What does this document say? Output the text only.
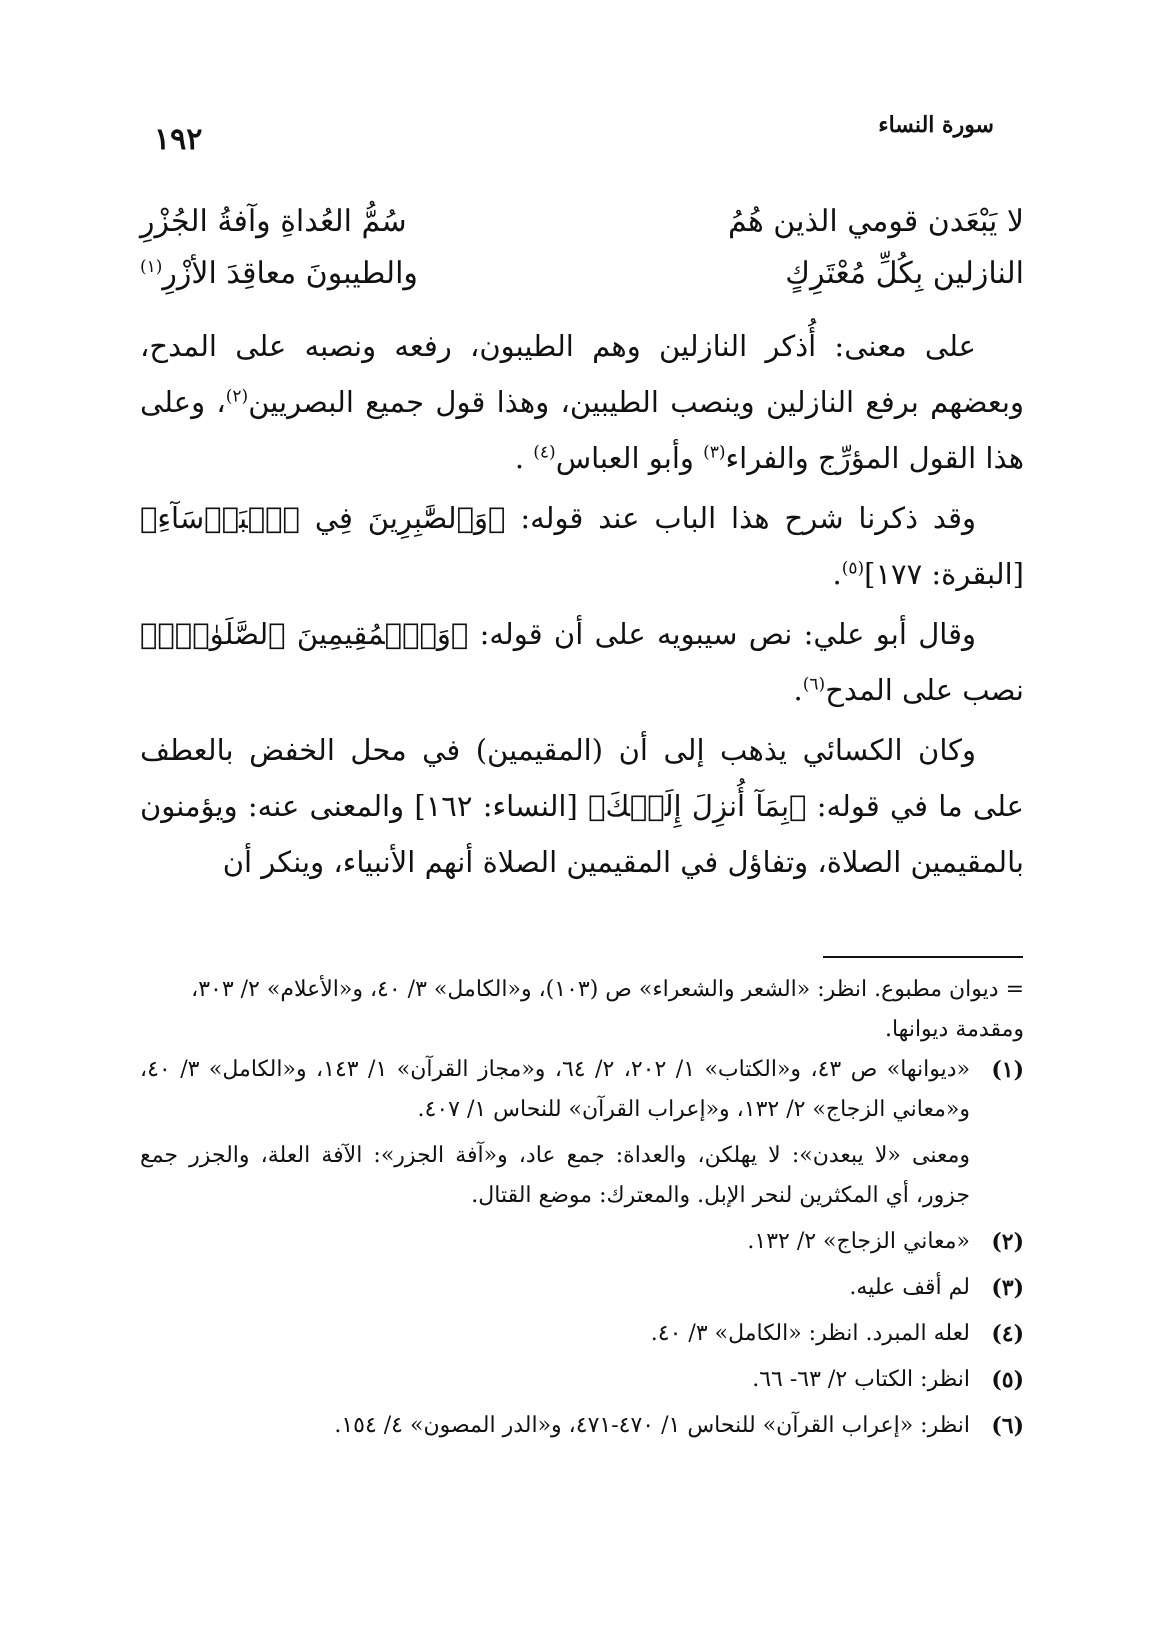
١٩٢	سورة النساء
لا يَبْعَدن قومي الذين هُمُ
سُمُّ العُداةِ وآفةُ الجُزْرِ
النازلين بِكُلِّ مُعْتَرِكٍ
والطيبونَ معاقِدَ الأزْرِ$^{(١)}$

على معنى: أُذكر النازلين وهم الطيبون، رفعه ونصبه على المدح، وبعضهم برفع النازلين وينصب الطيبين، وهذا قول جميع البصريين$^{(٢)}$، وعلى هذا القول المؤرِّج والفراء$^{(٣)}$ وأبو العباس$^{(٤)}$ .

وقد ذكرنا شرح هذا الباب عند قوله: ﴿وَٱلصَّٰبِرِينَ فِي ٱلۡبَأۡسَآءِ﴾ [البقرة: ١٧٧]$^{(٥)}$.

وقال أبو علي: نص سيبويه على أن قوله: ﴿وَٱلۡمُقِيمِينَ ٱلصَّلَوٰةَۚ﴾ نصب على المدح$^{(٦)}$.

وكان الكسائي يذهب إلى أن (المقيمين) في محل الخفض بالعطف على ما في قوله: ﴿بِمَآ أُنزِلَ إِلَيۡكَ﴾ [النساء: ١٦٢] والمعنى عنه: ويؤمنون بالمقيمين الصلاة، وتفاؤل في المقيمين الصلاة أنهم الأنبياء، وينكر أن

= ديوان مطبوع. انظر: «الشعر والشعراء» ص (١٠٣)، و«الكامل» ٣/ ٤٠، و«الأعلام» ٢/ ٣٠٣، ومقدمة ديوانها.
(١)
«ديوانها» ص ٤٣، و«الكتاب» ١/ ٢٠٢، ٢/ ٦٤، و«مجاز القرآن» ١/ ١٤٣، و«الكامل» ٣/ ٤٠، و«معاني الزجاج» ٢/ ١٣٢، و«إعراب القرآن» للنحاس ١/ ٤٠٧.
ومعنى «لا يبعدن»: لا يهلكن، والعداة: جمع عاد، و«آفة الجزر»: الآفة العلة، والجزر جمع جزور، أي المكثرين لنحر الإبل. والمعترك: موضع القتال.
(٢)
«معاني الزجاج» ٢/ ١٣٢.
(٣)
لم أقف عليه.
(٤)
لعله المبرد. انظر: «الكامل» ٣/ ٤٠.
(٥)
انظر: الكتاب ٢/ ٦٣- ٦٦.
(٦)
انظر: «إعراب القرآن» للنحاس ١/ ٤٧٠-٤٧١، و«الدر المصون» ٤/ ١٥٤.
